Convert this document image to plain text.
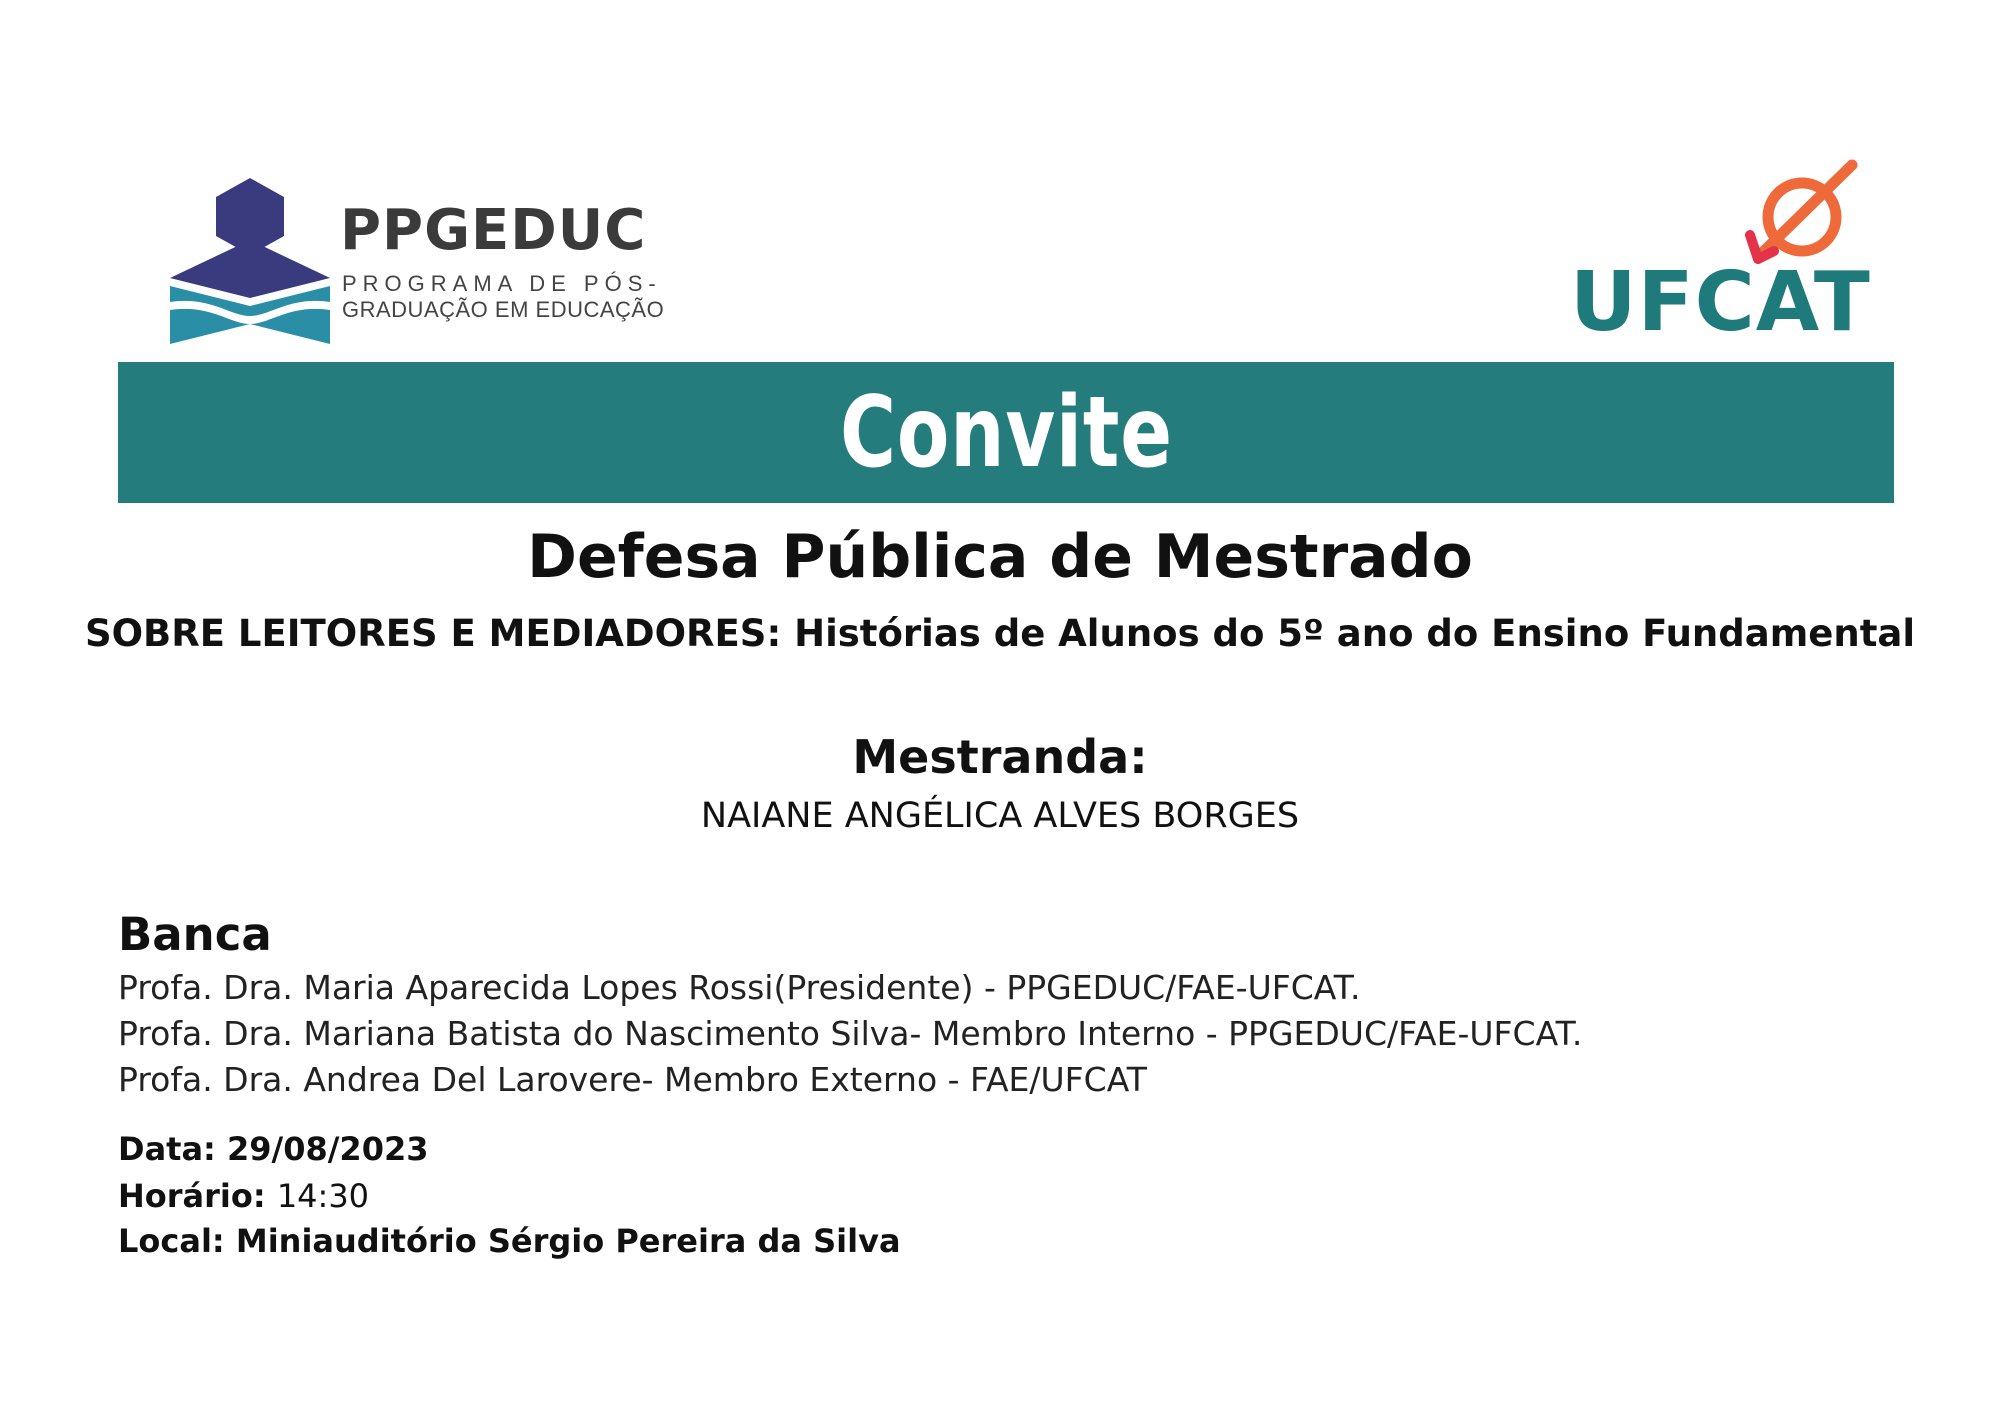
PPGEDUC
PROGRAMA DE PÓS-
GRADUAÇÃO EM EDUCAÇÃO	UFCAT
Convite
Defesa Pública de Mestrado
SOBRE LEITORES E MEDIADORES: Histórias de Alunos do 5º ano do Ensino Fundamental
Mestranda:
NAIANE ANGÉLICA ALVES BORGES
Banca
Profa. Dra. Maria Aparecida Lopes Rossi(Presidente) - PPGEDUC/FAE-UFCAT.
Profa. Dra. Mariana Batista do Nascimento Silva- Membro Interno - PPGEDUC/FAE-UFCAT.
Profa. Dra. Andrea Del Larovere- Membro Externo - FAE/UFCAT
Data: 29/08/2023
Horário: 14:30
Local: Miniauditório Sérgio Pereira da Silva
